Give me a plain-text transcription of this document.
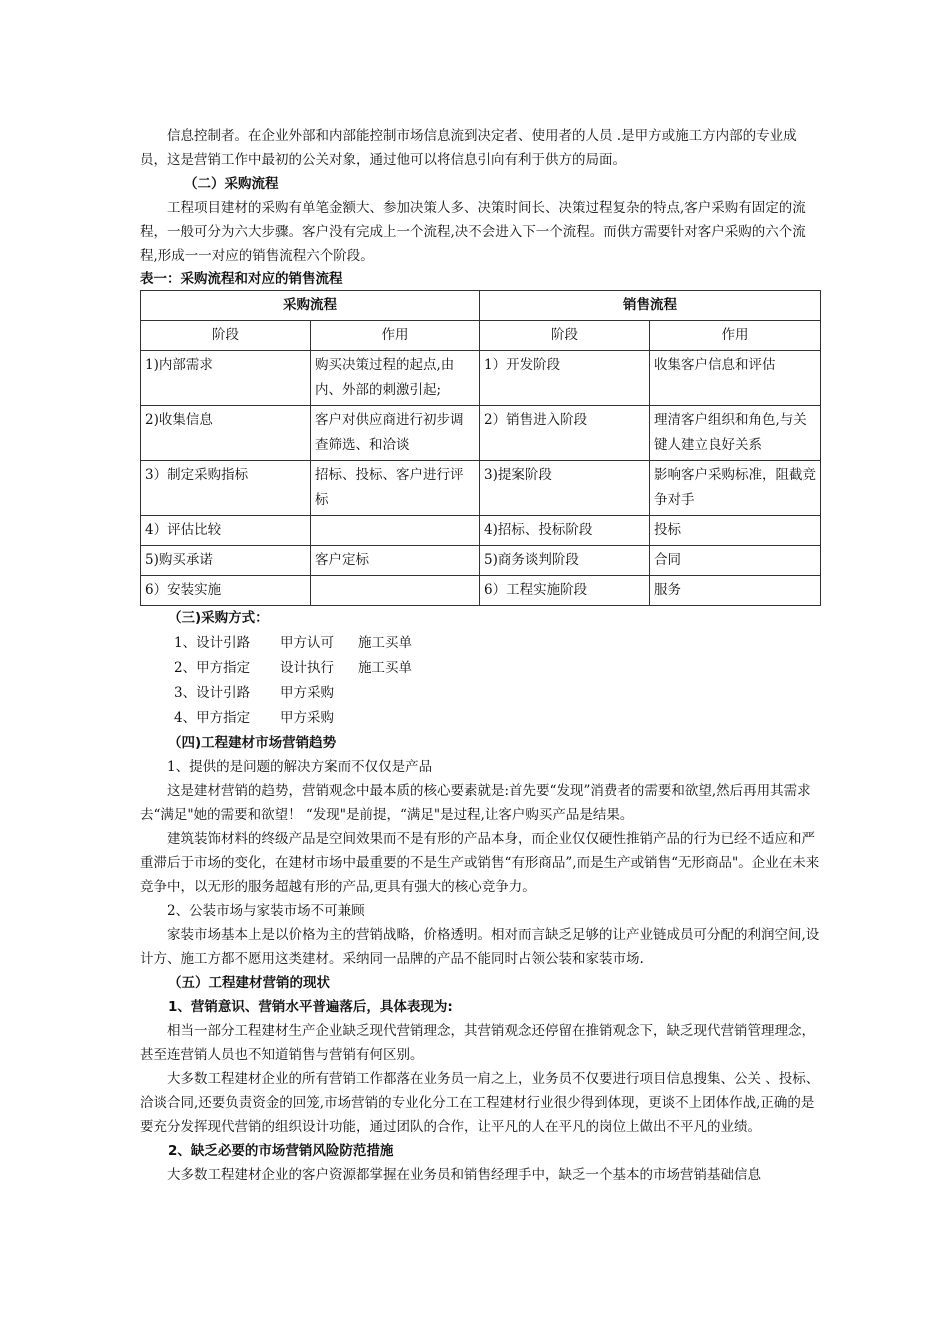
信息控制者。在企业外部和内部能控制市场信息流到决定者、使用者的人员 .是甲方或施工方内部的专业成员，这是营销工作中最初的公关对象，通过他可以将信息引向有利于供方的局面。

（二）采购流程

工程项目建材的采购有单笔金额大、参加决策人多、决策时间长、决策过程复杂的特点,客户采购有固定的流程，一般可分为六大步骤。客户没有完成上一个流程,决不会进入下一个流程。而供方需要针对客户采购的六个流程,形成一一对应的销售流程六个阶段。

表一：采购流程和对应的销售流程

采购流程		销售流程	
阶段	作用	阶段	作用
1)内部需求	购买决策过程的起点,由内、外部的刺激引起;	1）开发阶段	收集客户信息和评估
2)收集信息	客户对供应商进行初步调查筛选、和洽谈	2）销售进入阶段	理清客户组织和角色,与关键人建立良好关系
3）制定采购指标	招标、投标、客户进行评标	3)提案阶段	影响客户采购标准，阻截竞争对手
4）评估比较		4)招标、投标阶段	投标
5)购买承诺	客户定标	5)商务谈判阶段	合同
6）安装实施		6）工程实施阶段	服务

（三)采购方式：

1、设计引路 甲方认可 施工买单
2、甲方指定 设计执行 施工买单
3、设计引路 甲方采购
4、甲方指定 甲方采购

（四)工程建材市场营销趋势

1、提供的是问题的解决方案而不仅仅是产品

这是建材营销的趋势，营销观念中最本质的核心要素就是:首先要“发现”消费者的需要和欲望,然后再用其需求去“满足"她的需要和欲望！ “发现"是前提，“满足"是过程,让客户购买产品是结果。

建筑装饰材料的终级产品是空间效果而不是有形的产品本身，而企业仅仅硬性推销产品的行为已经不适应和严重滞后于市场的变化，在建材市场中最重要的不是生产或销售“有形商品”,而是生产或销售“无形商品"。企业在未来竞争中，以无形的服务超越有形的产品,更具有强大的核心竞争力。

2、公装市场与家装市场不可兼顾

家装市场基本上是以价格为主的营销战略，价格透明。相对而言缺乏足够的让产业链成员可分配的利润空间,设计方、施工方都不愿用这类建材。采纳同一品牌的产品不能同时占领公装和家装市场.

（五）工程建材营销的现状

1、营销意识、营销水平普遍落后，具体表现为:

相当一部分工程建材生产企业缺乏现代营销理念，其营销观念还停留在推销观念下，缺乏现代营销管理理念，甚至连营销人员也不知道销售与营销有何区别。

大多数工程建材企业的所有营销工作都落在业务员一肩之上，业务员不仅要进行项目信息搜集、公关 、投标、洽谈合同,还要负责资金的回笼,市场营销的专业化分工在工程建材行业很少得到体现，更谈不上团体作战,正确的是要充分发挥现代营销的组织设计功能，通过团队的合作，让平凡的人在平凡的岗位上做出不平凡的业绩。

2、缺乏必要的市场营销风险防范措施

大多数工程建材企业的客户资源都掌握在业务员和销售经理手中，缺乏一个基本的市场营销基础信息
